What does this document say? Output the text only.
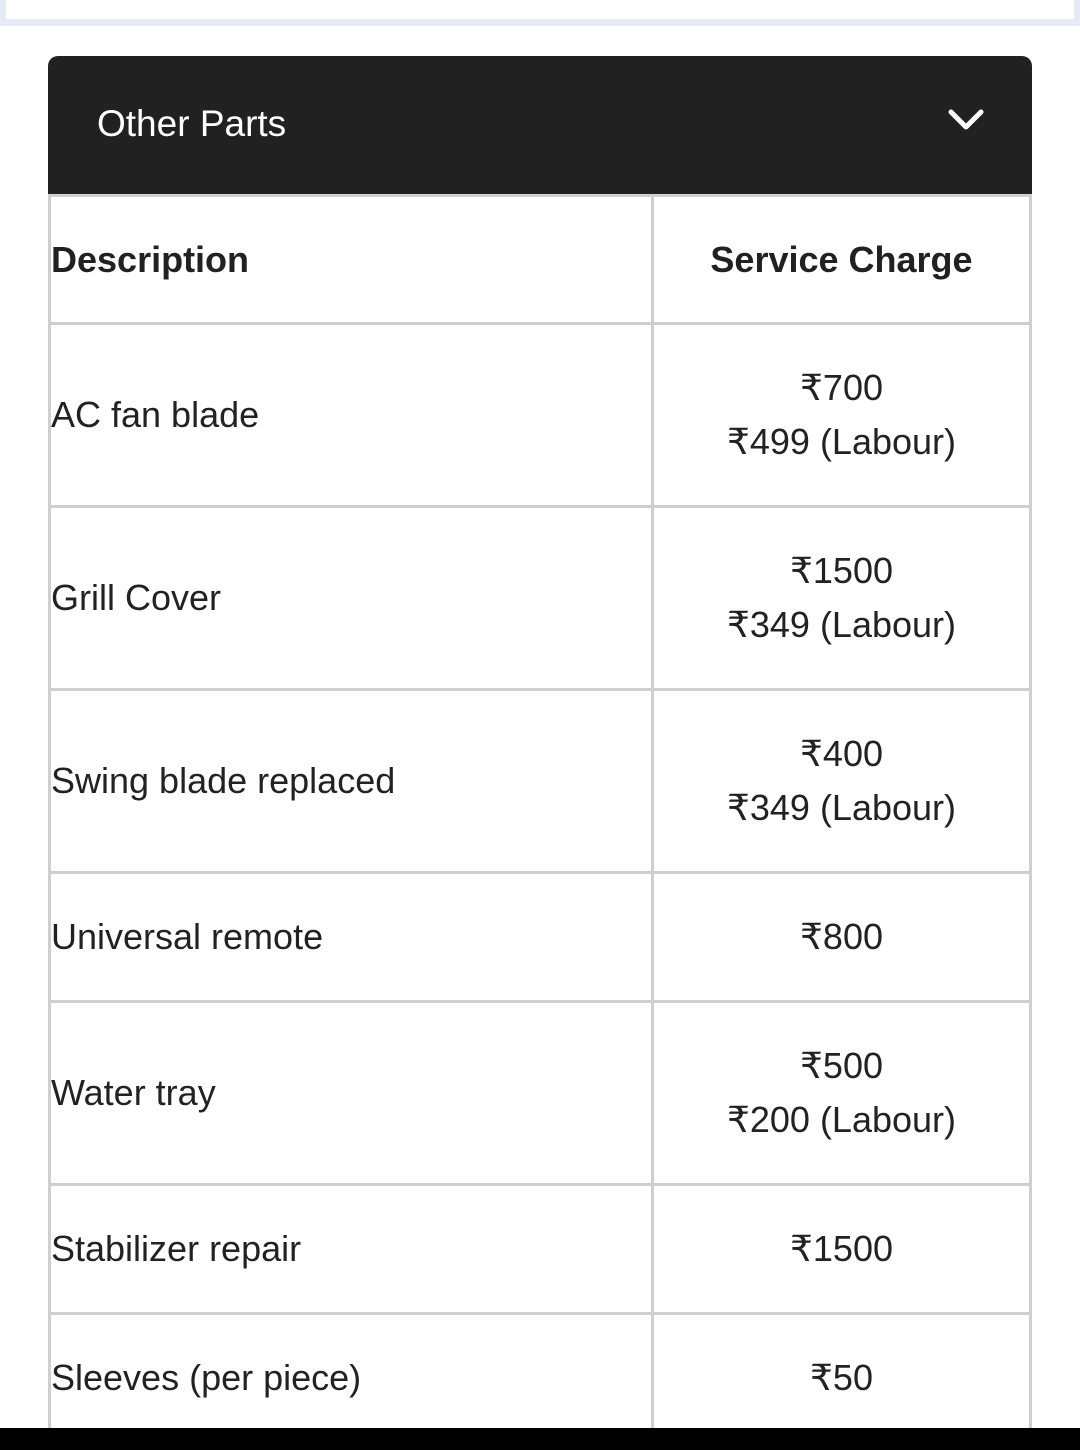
Other Parts
Description	Service Charge
AC fan blade	₹700
₹499 (Labour)

Grill Cover	₹1500
₹349 (Labour)

Swing blade replaced	₹400
₹349 (Labour)

Universal remote	₹800

Water tray	₹500
₹200 (Labour)

Stabilizer repair	₹1500

Sleeves (per piece)	₹50
